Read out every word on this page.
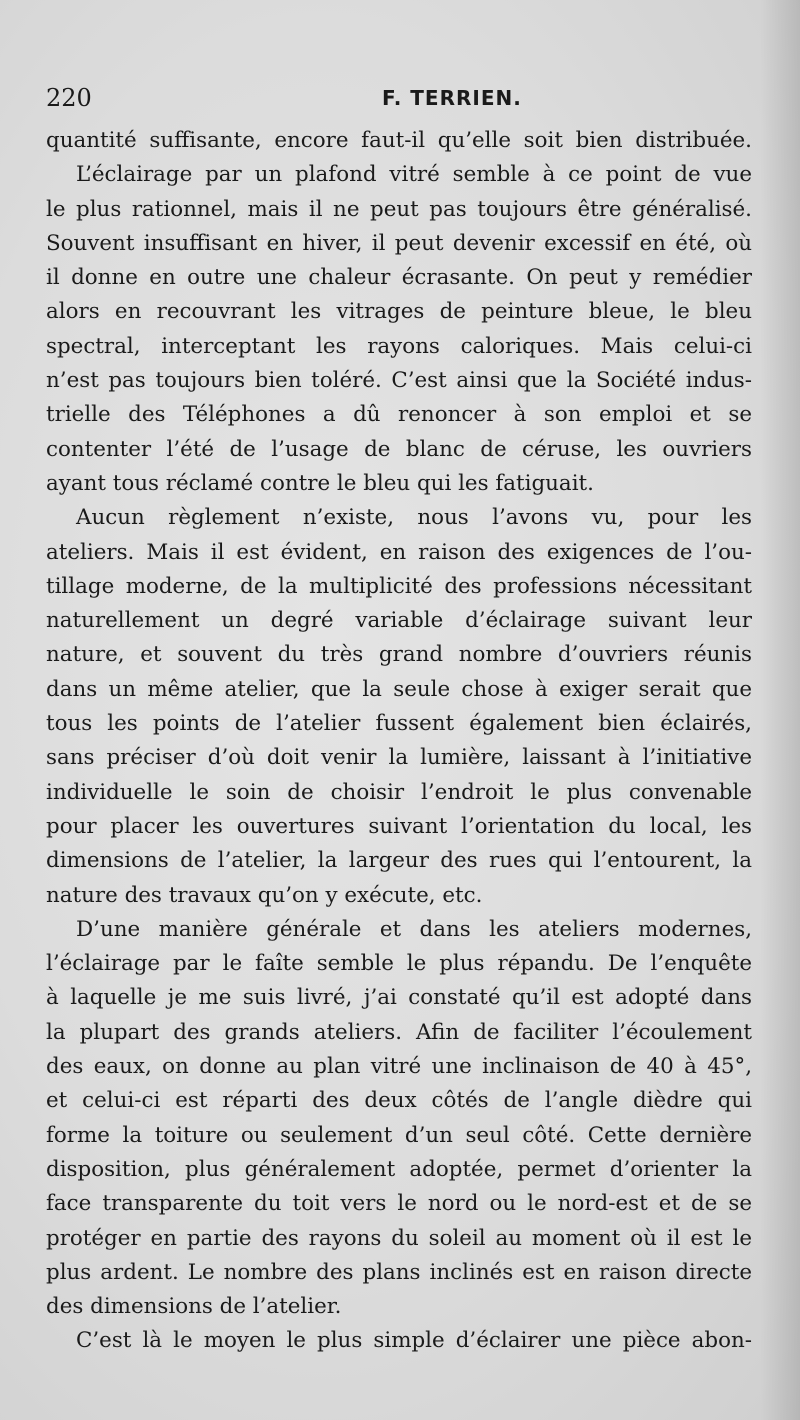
220	F. TERRIEN.
quantité suffisante, encore faut-il qu’elle soit bien distribuée.
L’éclairage par un plafond vitré semble à ce point de vue
le plus rationnel, mais il ne peut pas toujours être généralisé.
Souvent insuffisant en hiver, il peut devenir excessif en été, où
il donne en outre une chaleur écrasante. On peut y remédier
alors en recouvrant les vitrages de peinture bleue, le bleu
spectral, interceptant les rayons caloriques. Mais celui-ci
n’est pas toujours bien toléré. C’est ainsi que la Société indus-
trielle des Téléphones a dû renoncer à son emploi et se
contenter l’été de l’usage de blanc de céruse, les ouvriers
ayant tous réclamé contre le bleu qui les fatiguait.
Aucun règlement n’existe, nous l’avons vu, pour les
ateliers. Mais il est évident, en raison des exigences de l’ou-
tillage moderne, de la multiplicité des professions nécessitant
naturellement un degré variable d’éclairage suivant leur
nature, et souvent du très grand nombre d’ouvriers réunis
dans un même atelier, que la seule chose à exiger serait que
tous les points de l’atelier fussent également bien éclairés,
sans préciser d’où doit venir la lumière, laissant à l’initiative
individuelle le soin de choisir l’endroit le plus convenable
pour placer les ouvertures suivant l’orientation du local, les
dimensions de l’atelier, la largeur des rues qui l’entourent, la
nature des travaux qu’on y exécute, etc.
D’une manière générale et dans les ateliers modernes,
l’éclairage par le faîte semble le plus répandu. De l’enquête
à laquelle je me suis livré, j’ai constaté qu’il est adopté dans
la plupart des grands ateliers. Afin de faciliter l’écoulement
des eaux, on donne au plan vitré une inclinaison de 40 à 45°,
et celui-ci est réparti des deux côtés de l’angle dièdre qui
forme la toiture ou seulement d’un seul côté. Cette dernière
disposition, plus généralement adoptée, permet d’orienter la
face transparente du toit vers le nord ou le nord-est et de se
protéger en partie des rayons du soleil au moment où il est le
plus ardent. Le nombre des plans inclinés est en raison directe
des dimensions de l’atelier.
C’est là le moyen le plus simple d’éclairer une pièce abon-
